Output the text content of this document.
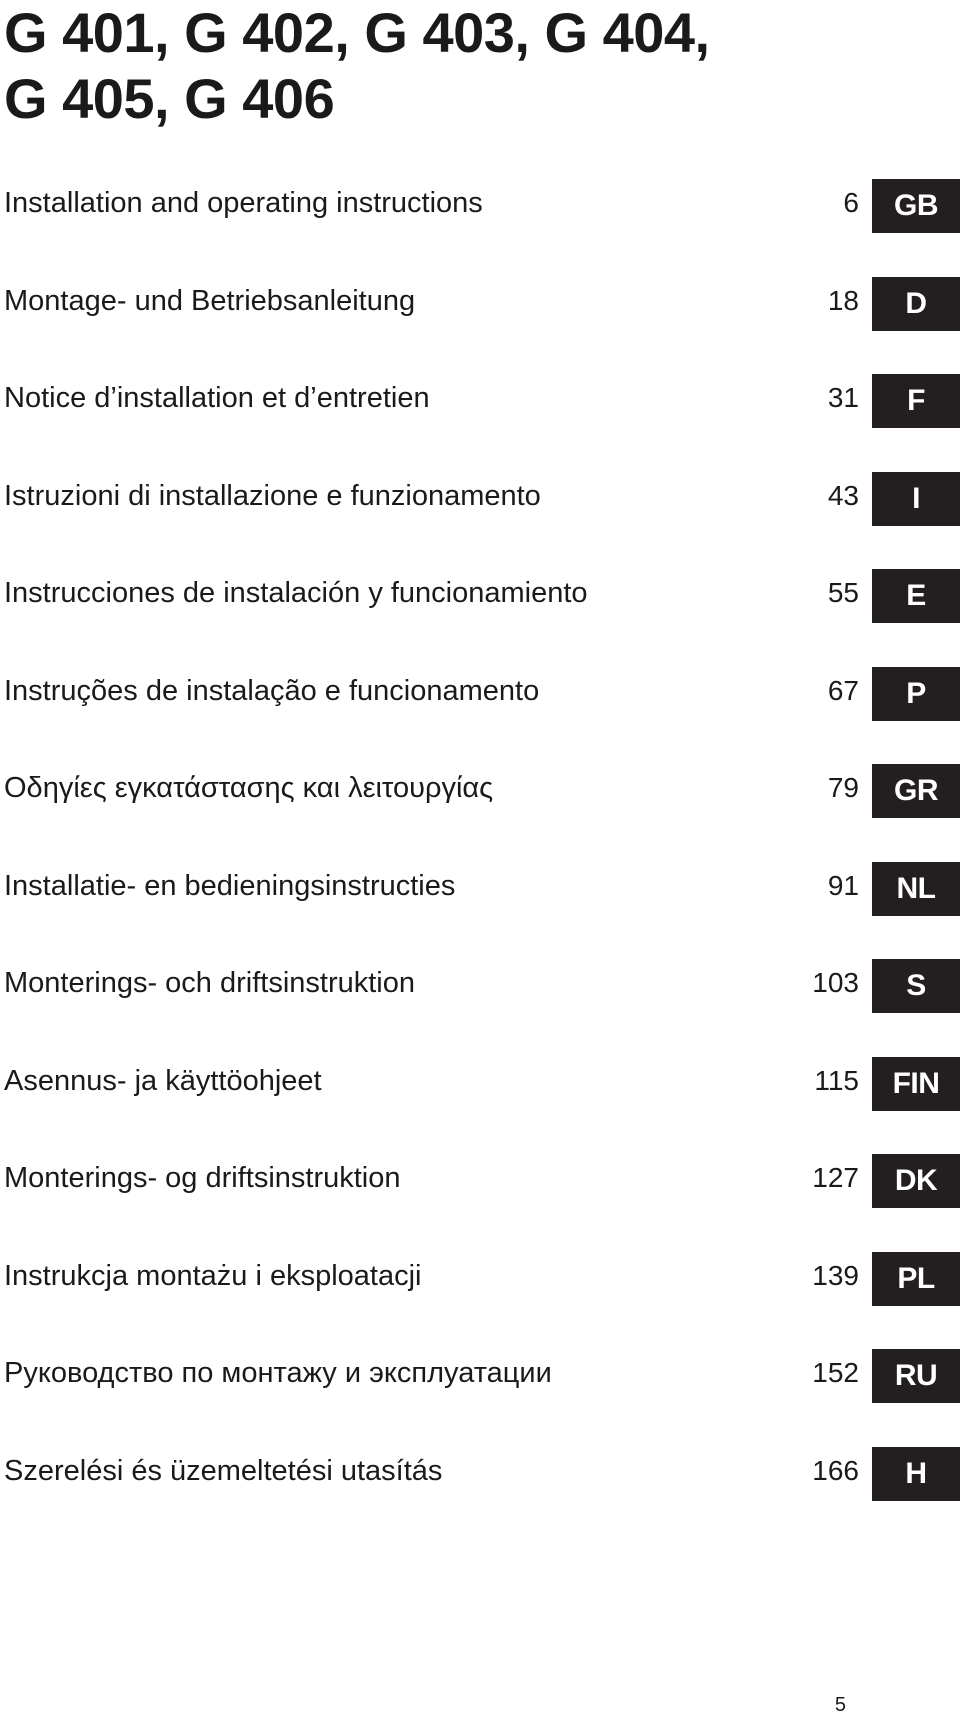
G 401, G 402, G 403, G 404,
G 405, G 406
Installation and operating instructions	6	GB
Montage- und Betriebsanleitung	18	D
Notice d’installation et d’entretien	31	F
Istruzioni di installazione e funzionamento	43	I
Instrucciones de instalación y funcionamiento	55	E
Instruções de instalação e funcionamento	67	P
Οδηγίες εγκατάστασης και λειτουργίας	79	GR
Installatie- en bedieningsinstructies	91	NL
Monterings- och driftsinstruktion	103	S
Asennus- ja käyttöohjeet	115	FIN
Monterings- og driftsinstruktion	127	DK
Instrukcja montażu i eksploatacji	139	PL
Руководство по монтажу и эксплуатации	152	RU
Szerelési és üzemeltetési utasítás	166	H
5
